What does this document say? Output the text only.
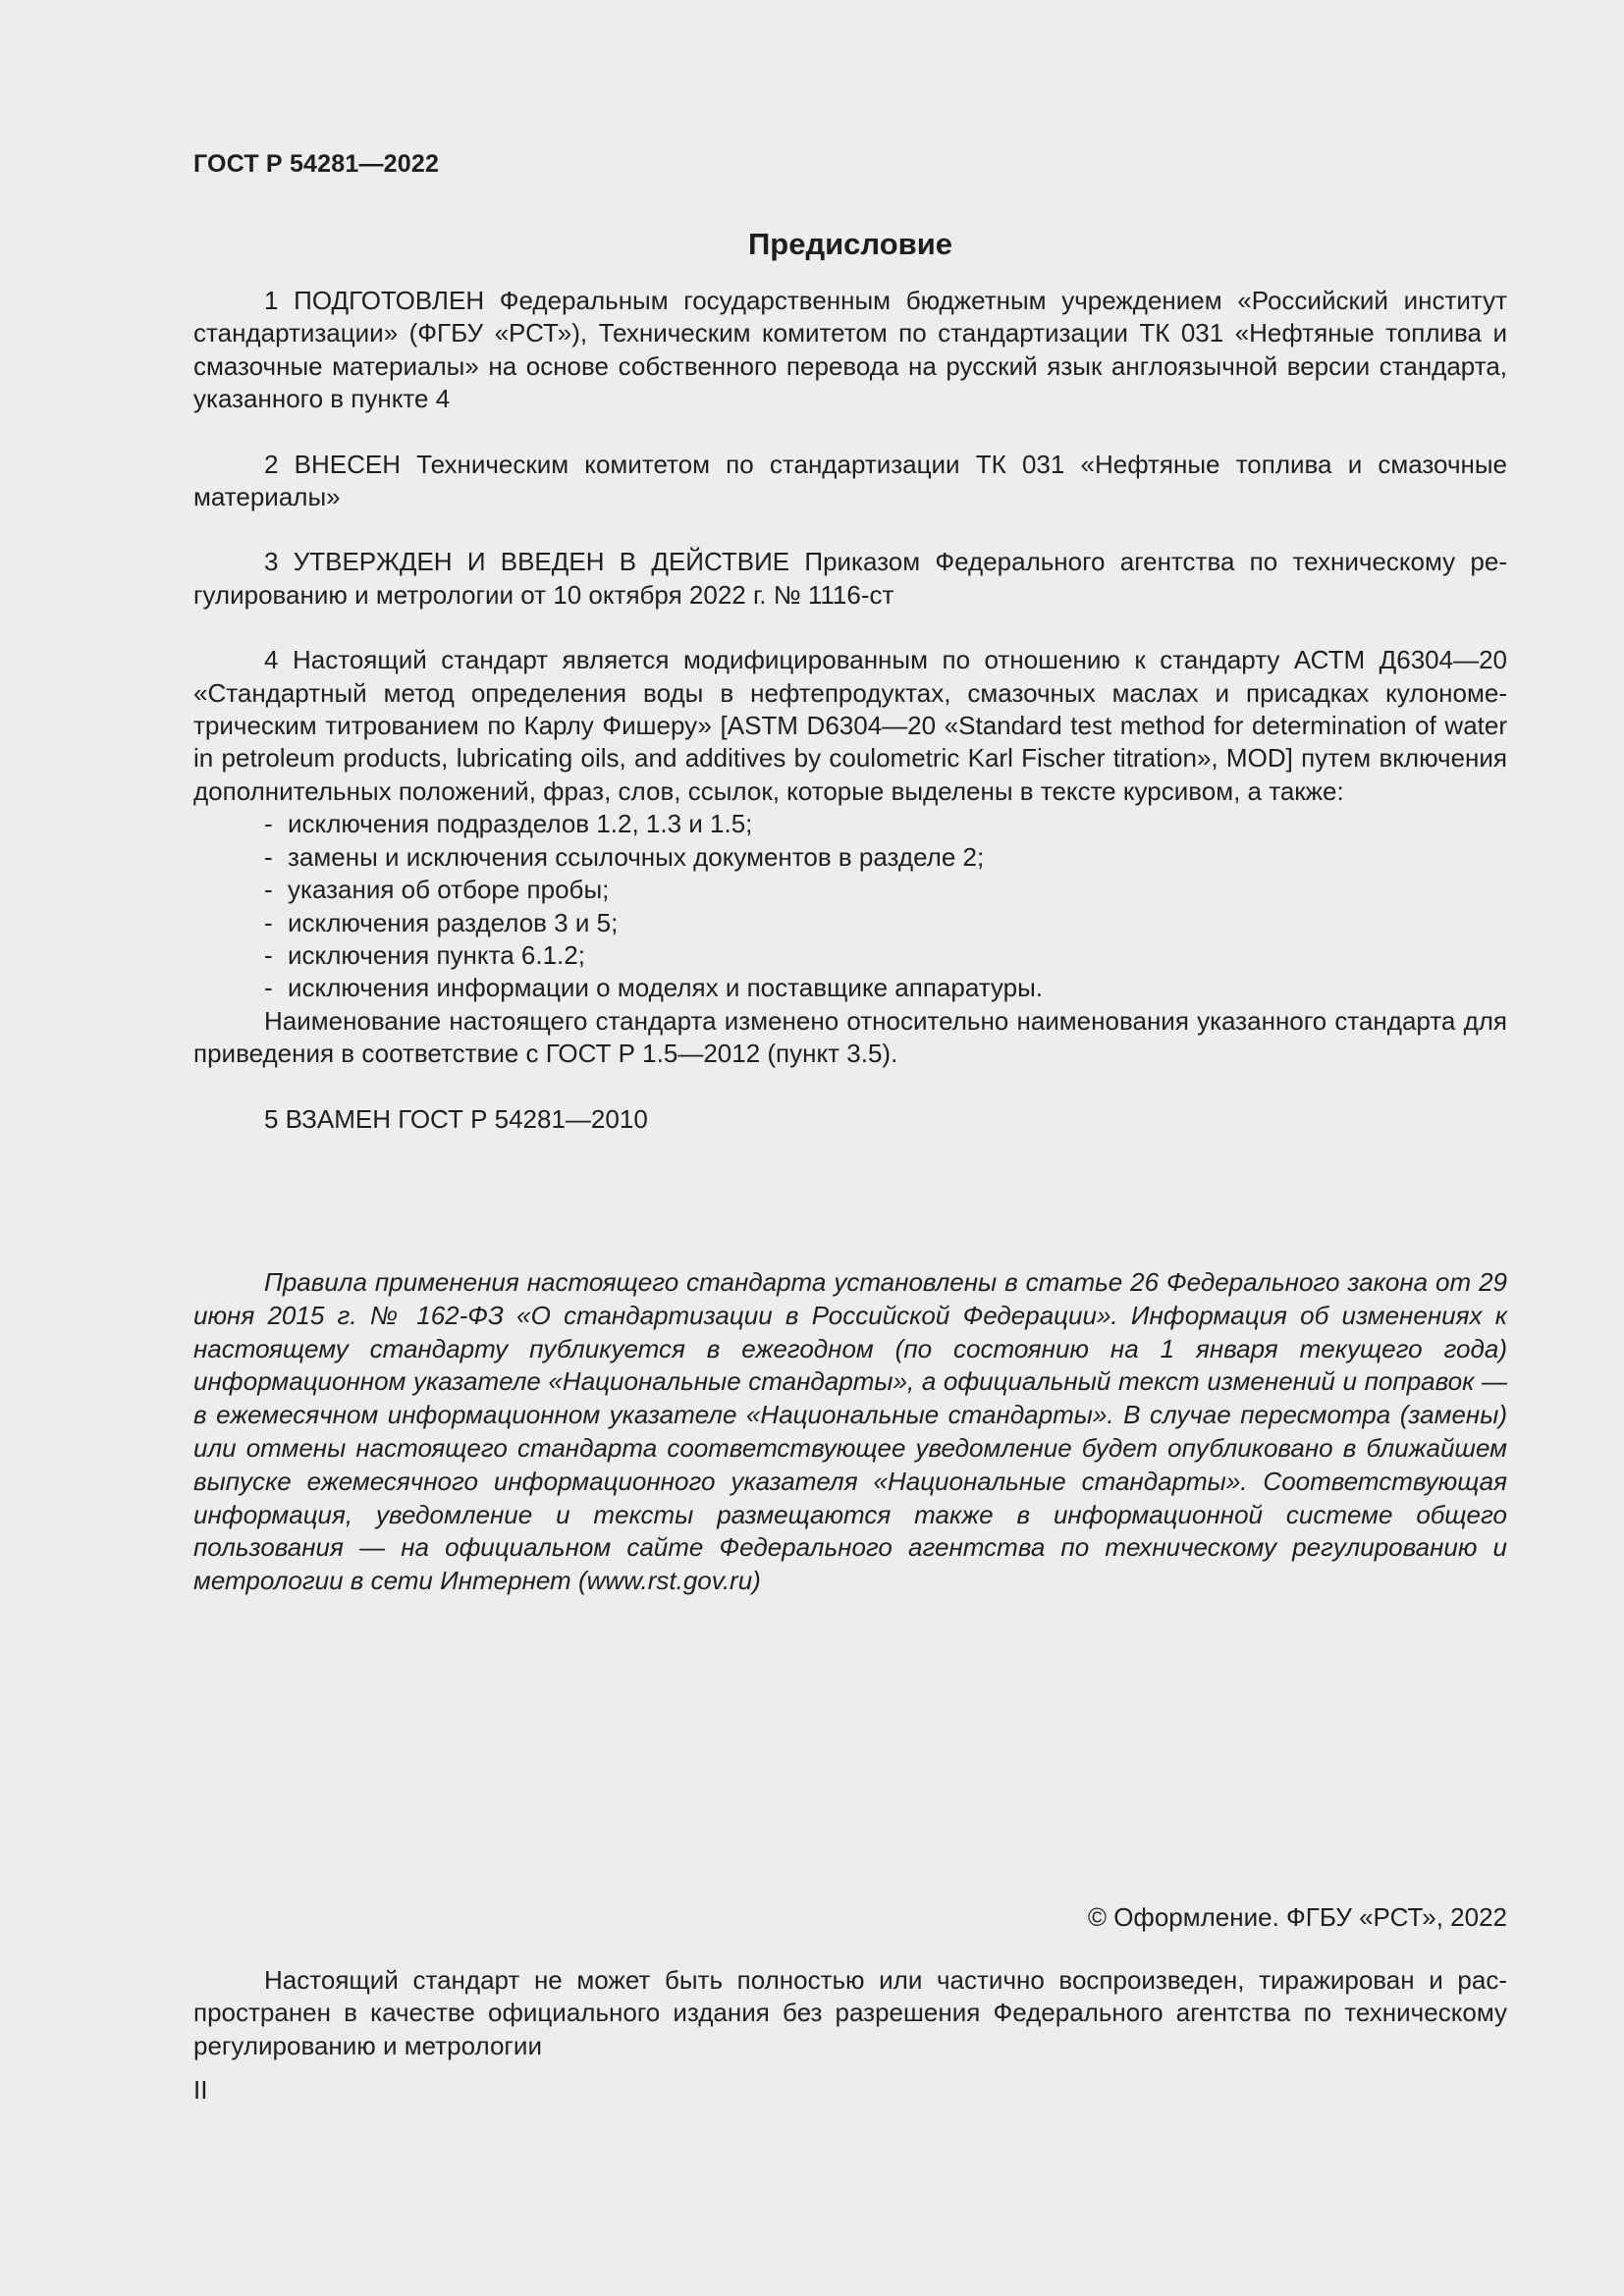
ГОСТ Р 54281—2022
Предисловие

1 ПОДГОТОВЛЕН Федеральным государственным бюджетным учреждением «Российский институт стандартизации» (ФГБУ «РСТ»), Техническим комитетом по стандартизации ТК 031 «Нефтяные топлива и смазочные материалы» на основе собственного перевода на русский язык англоязычной версии стандарта, указанного в пункте 4

2 ВНЕСЕН Техническим комитетом по стандартизации ТК 031 «Нефтяные топлива и смазочные материалы»

3 УТВЕРЖДЕН И ВВЕДЕН В ДЕЙСТВИЕ Приказом Федерального агентства по техническому регулированию и метрологии от 10 октября 2022 г. № 1116-ст

4 Настоящий стандарт является модифицированным по отношению к стандарту АСТМ Д6304—20 «Стандартный метод определения воды в нефтепродуктах, смазочных маслах и присадках кулонометрическим титрованием по Карлу Фишеру» [ASTM D6304—20 «Standard test method for determination of water in petroleum products, lubricating oils, and additives by coulometric Karl Fischer titration», MOD] путем включения дополнительных положений, фраз, слов, ссылок, которые выделены в тексте курсивом, а также:

- исключения подразделов 1.2, 1.3 и 1.5;
- замены и исключения ссылочных документов в разделе 2;
- указания об отборе пробы;
- исключения разделов 3 и 5;
- исключения пункта 6.1.2;
- исключения информации о моделях и поставщике аппаратуры.

Наименование настоящего стандарта изменено относительно наименования указанного стандарта для приведения в соответствие с ГОСТ Р 1.5—2012 (пункт 3.5).

5 ВЗАМЕН ГОСТ Р 54281—2010

Правила применения настоящего стандарта установлены в статье 26 Федерального закона от 29 июня 2015 г. № 162-ФЗ «О стандартизации в Российской Федерации». Информация об изменениях к настоящему стандарту публикуется в ежегодном (по состоянию на 1 января текущего года) информационном указателе «Национальные стандарты», а официальный текст изменений и поправок — в ежемесячном информационном указателе «Национальные стандарты». В случае пересмотра (замены) или отмены настоящего стандарта соответствующее уведомление будет опубликовано в ближайшем выпуске ежемесячного информационного указателя «Национальные стандарты». Соответствующая информация, уведомление и тексты размещаются также в информационной системе общего пользования — на официальном сайте Федерального агентства по техническому регулированию и метрологии в сети Интернет (www.rst.gov.ru)

© Оформление. ФГБУ «РСТ», 2022

Настоящий стандарт не может быть полностью или частично воспроизведен, тиражирован и распространен в качестве официального издания без разрешения Федерального агентства по техническому регулированию и метрологии

II
